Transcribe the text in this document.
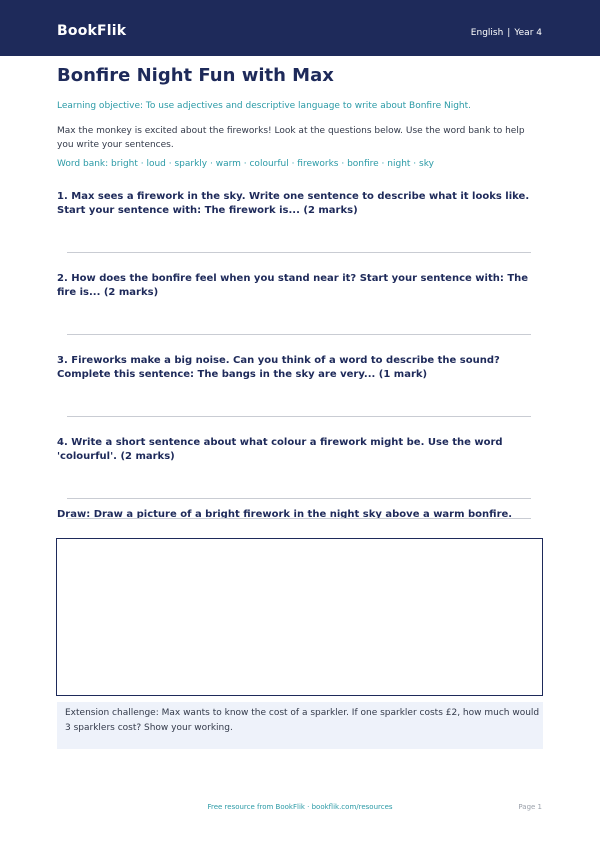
BookFlik	English | Year 4
Bonfire Night Fun with Max
Learning objective: To use adjectives and descriptive language to write about Bonfire Night.
Max the monkey is excited about the fireworks! Look at the questions below. Use the word bank to help you write your sentences.
Word bank: bright · loud · sparkly · warm · colourful · fireworks · bonfire · night · sky
1. Max sees a firework in the sky. Write one sentence to describe what it looks like. Start your sentence with: The firework is... (2 marks)
2. How does the bonfire feel when you stand near it? Start your sentence with: The fire is... (2 marks)
3. Fireworks make a big noise. Can you think of a word to describe the sound? Complete this sentence: The bangs in the sky are very... (1 mark)
4. Write a short sentence about what colour a firework might be. Use the word 'colourful'. (2 marks)
Draw: Draw a picture of a bright firework in the night sky above a warm bonfire.
Extension challenge: Max wants to know the cost of a sparkler. If one sparkler costs £2, how much would 3 sparklers cost? Show your working.
Free resource from BookFlik · bookflik.com/resources	Page 1
